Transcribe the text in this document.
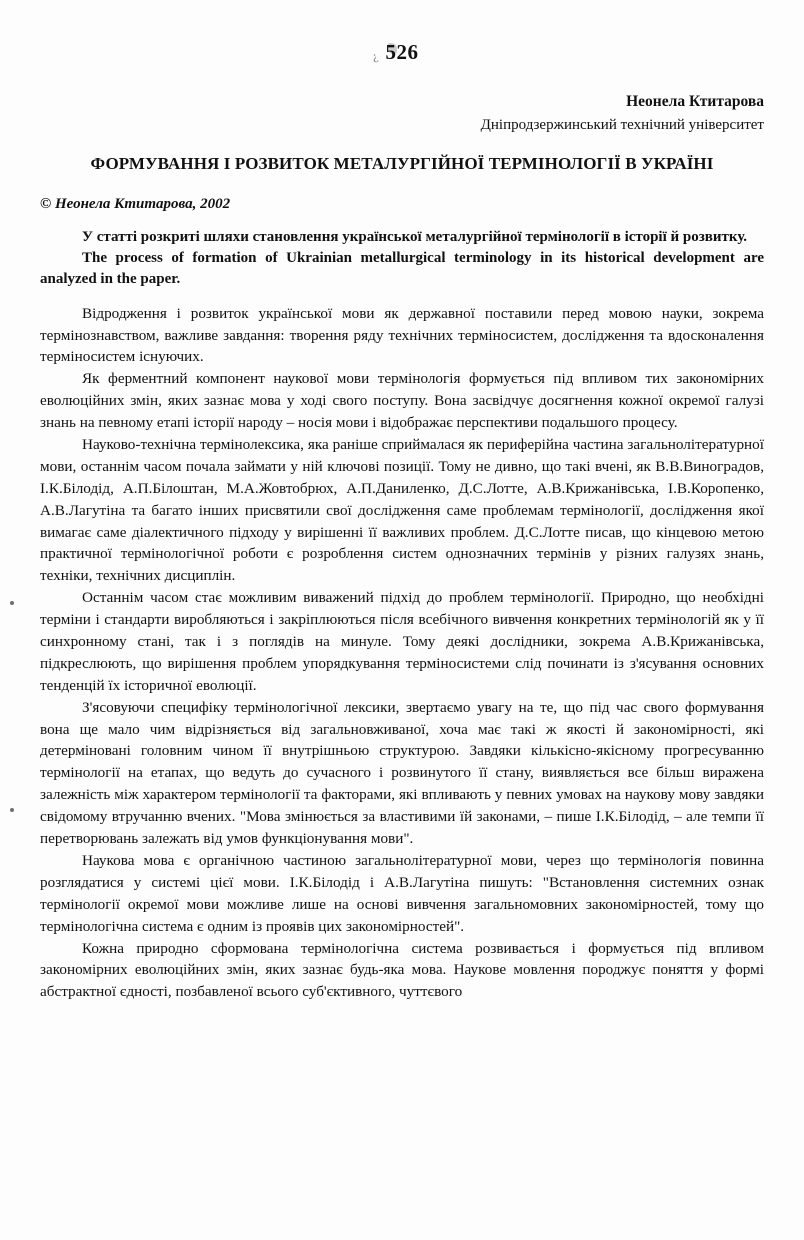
¿ 526
Неонела Ктитарова
Дніпродзержинський технічний університет
ФОРМУВАННЯ І РОЗВИТОК МЕТАЛУРГІЙНОЇ ТЕРМІНОЛОГІЇ В УКРАЇНІ
© Неонела Ктитарова, 2002

У статті розкриті шляхи становлення української металургійної термінології в історії й розвитку.

The process of formation of Ukrainian metallurgical terminology in its historical development are analyzed in the paper.

Відродження і розвиток української мови як державної поставили перед мовою науки, зокрема термінознавством, важливе завдання: творення ряду технічних терміносистем, дослідження та вдосконалення терміносистем існуючих.

Як ферментний компонент наукової мови термінологія формується під впливом тих закономірних еволюційних змін, яких зазнає мова у ході свого поступу. Вона засвідчує досягнення кожної окремої галузі знань на певному етапі історії народу – носія мови і відображає перспективи подальшого процесу.

Науково-технічна термінолексика, яка раніше сприймалася як периферійна частина загальнолітературної мови, останнім часом почала займати у ній ключові позиції. Тому не дивно, що такі вчені, як В.В.Виноградов, І.К.Білодід, А.П.Білоштан, М.А.Жовтобрюх, А.П.Даниленко, Д.С.Лотте, А.В.Крижанівська, І.В.Коропенко, А.В.Лагутіна та багато інших присвятили свої дослідження саме проблемам термінології, дослідження якої вимагає саме діалектичного підходу у вирішенні її важливих проблем. Д.С.Лотте писав, що кінцевою метою практичної термінологічної роботи є розроблення систем однозначних термінів у різних галузях знань, техніки, технічних дисциплін.

Останнім часом стає можливим виважений підхід до проблем термінології. Природно, що необхідні терміни і стандарти виробляються і закріплюються після всебічного вивчення конкретних термінологій як у її синхронному стані, так і з поглядів на минуле. Тому деякі дослідники, зокрема А.В.Крижанівська, підкреслюють, що вирішення проблем упорядкування терміносистеми слід починати із з'ясування основних тенденцій їх історичної еволюції.

З'ясовуючи специфіку термінологічної лексики, звертаємо увагу на те, що під час свого формування вона ще мало чим відрізняється від загальновживаної, хоча має такі ж якості й закономірності, які детерміновані головним чином її внутрішньою структурою. Завдяки кількісно-якісному прогресуванню термінології на етапах, що ведуть до сучасного і розвинутого її стану, виявляється все більш виражена залежність між характером термінології та факторами, які впливають у певних умовах на наукову мову завдяки свідомому втручанню вчених. "Мова змінюється за властивими їй законами, – пише І.К.Білодід, – але темпи її перетворювань залежать від умов функціонування мови".

Наукова мова є органічною частиною загальнолітературної мови, через що термінологія повинна розглядатися у системі цієї мови. І.К.Білодід і А.В.Лагутіна пишуть: "Встановлення системних ознак термінології окремої мови можливе лише на основі вивчення загальномовних закономірностей, тому що термінологічна система є одним із проявів цих закономірностей".

Кожна природно сформована термінологічна система розвивається і формується під впливом закономірних еволюційних змін, яких зазнає будь-яка мова. Наукове мовлення породжує поняття у формі абстрактної єдності, позбавленої всього суб'єктивного, чуттєвого
